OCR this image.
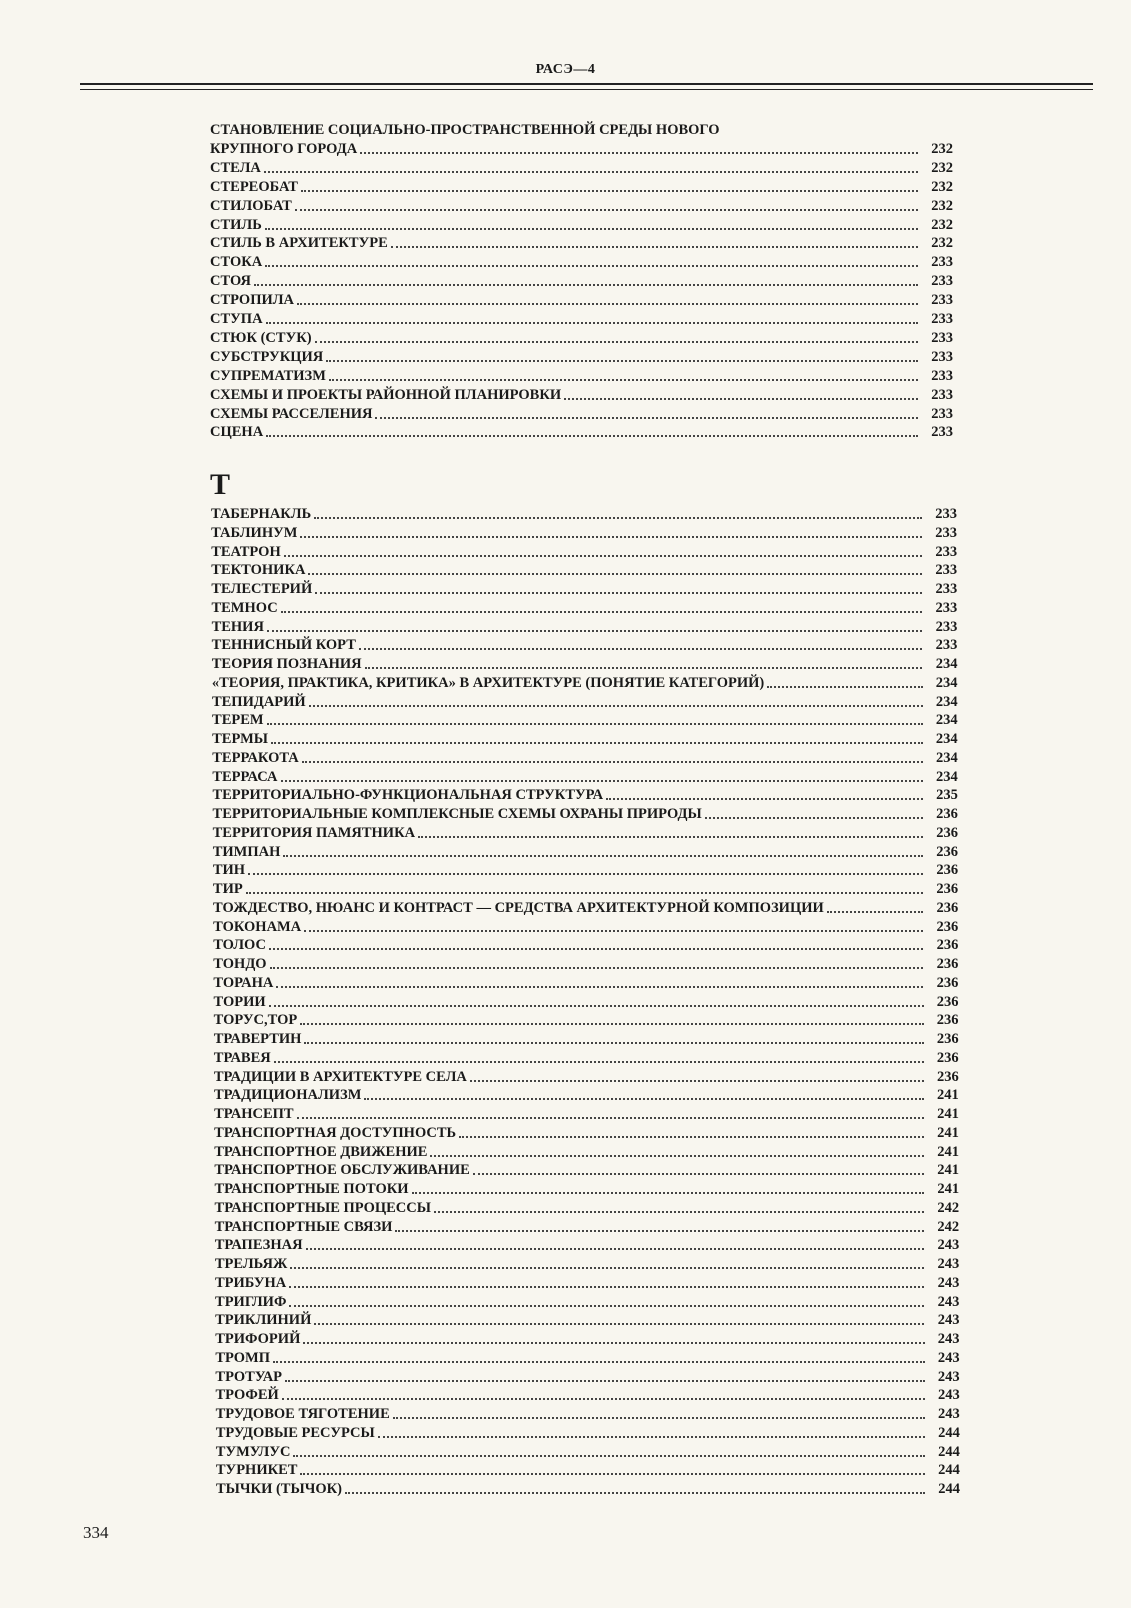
РАСЭ—4
СТАНОВЛЕНИЕ СОЦИАЛЬНО-ПРОСТРАНСТВЕННОЙ СРЕДЫ НОВОГО
КРУПНОГО ГОРОДА	232
СТЕЛА	232
СТЕРЕОБАТ	232
СТИЛОБАТ	232
СТИЛЬ	232
СТИЛЬ В АРХИТЕКТУРЕ	232
СТОКА	233
СТОЯ	233
СТРОПИЛА	233
СТУПА	233
СТЮК (СТУК)	233
СУБСТРУКЦИЯ	233
СУПРЕМАТИЗМ	233
СХЕМЫ И ПРОЕКТЫ РАЙОННОЙ ПЛАНИРОВКИ	233
СХЕМЫ РАССЕЛЕНИЯ	233
СЦЕНА	233
ТАБЕРНАКЛЬ	233
ТАБЛИНУМ	233
ТЕАТРОН	233
ТЕКТОНИКА	233
ТЕЛЕСТЕРИЙ	233
ТЕМНОС	233
ТЕНИЯ	233
ТЕННИСНЫЙ КОРТ	233
ТЕОРИЯ ПОЗНАНИЯ	234
«ТЕОРИЯ, ПРАКТИКА, КРИТИКА» В АРХИТЕКТУРЕ (ПОНЯТИЕ КАТЕГОРИЙ)	234
ТЕПИДАРИЙ	234
ТЕРЕМ	234
ТЕРМЫ	234
ТЕРРАКОТА	234
ТЕРРАСА	234
ТЕРРИТОРИАЛЬНО-ФУНКЦИОНАЛЬНАЯ СТРУКТУРА	235
ТЕРРИТОРИАЛЬНЫЕ КОМПЛЕКСНЫЕ СХЕМЫ ОХРАНЫ ПРИРОДЫ	236
ТЕРРИТОРИЯ ПАМЯТНИКА	236
ТИМПАН	236
ТИН	236
ТИР	236
ТОЖДЕСТВО, НЮАНС И КОНТРАСТ — СРЕДСТВА АРХИТЕКТУРНОЙ КОМПОЗИЦИИ	236
ТОКОНАМА	236
ТОЛОС	236
ТОНДО	236
ТОРАНА	236
ТОРИИ	236
ТОРУС,ТОР	236
ТРАВЕРТИН	236
ТРАВЕЯ	236
ТРАДИЦИИ В АРХИТЕКТУРЕ СЕЛА	236
ТРАДИЦИОНАЛИЗМ	241
ТРАНСЕПТ	241
ТРАНСПОРТНАЯ ДОСТУПНОСТЬ	241
ТРАНСПОРТНОЕ ДВИЖЕНИЕ	241
ТРАНСПОРТНОЕ ОБСЛУЖИВАНИЕ	241
ТРАНСПОРТНЫЕ ПОТОКИ	241
ТРАНСПОРТНЫЕ ПРОЦЕССЫ	242
ТРАНСПОРТНЫЕ СВЯЗИ	242
ТРАПЕЗНАЯ	243
ТРЕЛЬЯЖ	243
ТРИБУНА	243
ТРИГЛИФ	243
ТРИКЛИНИЙ	243
ТРИФОРИЙ	243
ТРОМП	243
ТРОТУАР	243
ТРОФЕЙ	243
ТРУДОВОЕ ТЯГОТЕНИЕ	243
ТРУДОВЫЕ РЕСУРСЫ	244
ТУМУЛУС	244
ТУРНИКЕТ	244
ТЫЧКИ (ТЫЧОК)	244
Т
334
